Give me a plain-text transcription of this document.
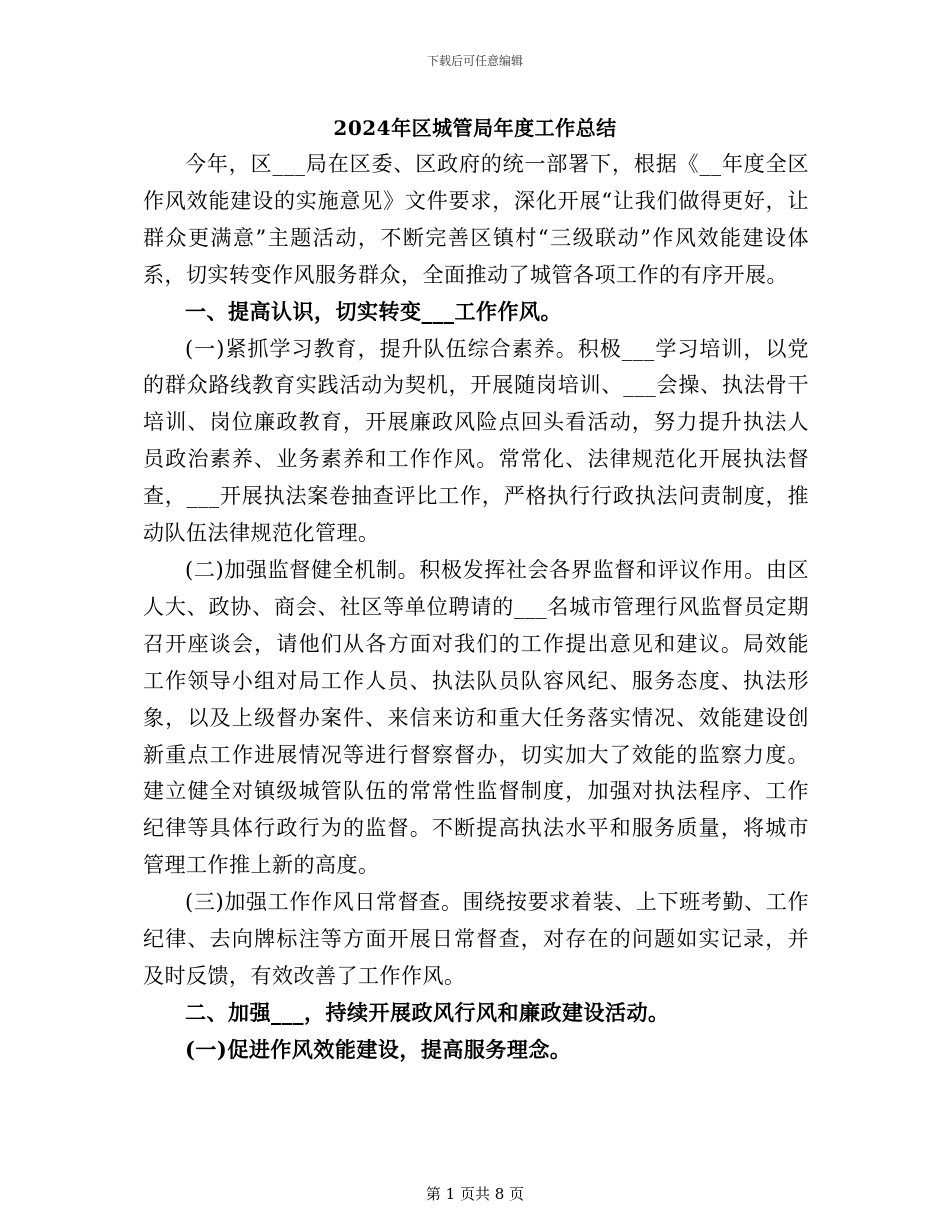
下载后可任意编辑
2024年区城管局年度工作总结

今年，区___局在区委、区政府的统一部署下，根据《__年度全区作风效能建设的实施意见》文件要求，深化开展“让我们做得更好，让群众更满意”主题活动，不断完善区镇村“三级联动”作风效能建设体系，切实转变作风服务群众，全面推动了城管各项工作的有序开展。

一、提高认识，切实转变___工作作风。

(一)紧抓学习教育，提升队伍综合素养。积极___学习培训，以党的群众路线教育实践活动为契机，开展随岗培训、___会操、执法骨干培训、岗位廉政教育，开展廉政风险点回头看活动，努力提升执法人员政治素养、业务素养和工作作风。常常化、法律规范化开展执法督查，___开展执法案卷抽查评比工作，严格执行行政执法问责制度，推动队伍法律规范化管理。

(二)加强监督健全机制。积极发挥社会各界监督和评议作用。由区人大、政协、商会、社区等单位聘请的___名城市管理行风监督员定期召开座谈会，请他们从各方面对我们的工作提出意见和建议。局效能工作领导小组对局工作人员、执法队员队容风纪、服务态度、执法形象，以及上级督办案件、来信来访和重大任务落实情况、效能建设创新重点工作进展情况等进行督察督办，切实加大了效能的监察力度。建立健全对镇级城管队伍的常常性监督制度，加强对执法程序、工作纪律等具体行政行为的监督。不断提高执法水平和服务质量，将城市管理工作推上新的高度。

(三)加强工作作风日常督查。围绕按要求着装、上下班考勤、工作纪律、去向牌标注等方面开展日常督查，对存在的问题如实记录，并及时反馈，有效改善了工作作风。

二、加强___，持续开展政风行风和廉政建设活动。

(一)促进作风效能建设，提高服务理念。

第 1 页共 8 页
